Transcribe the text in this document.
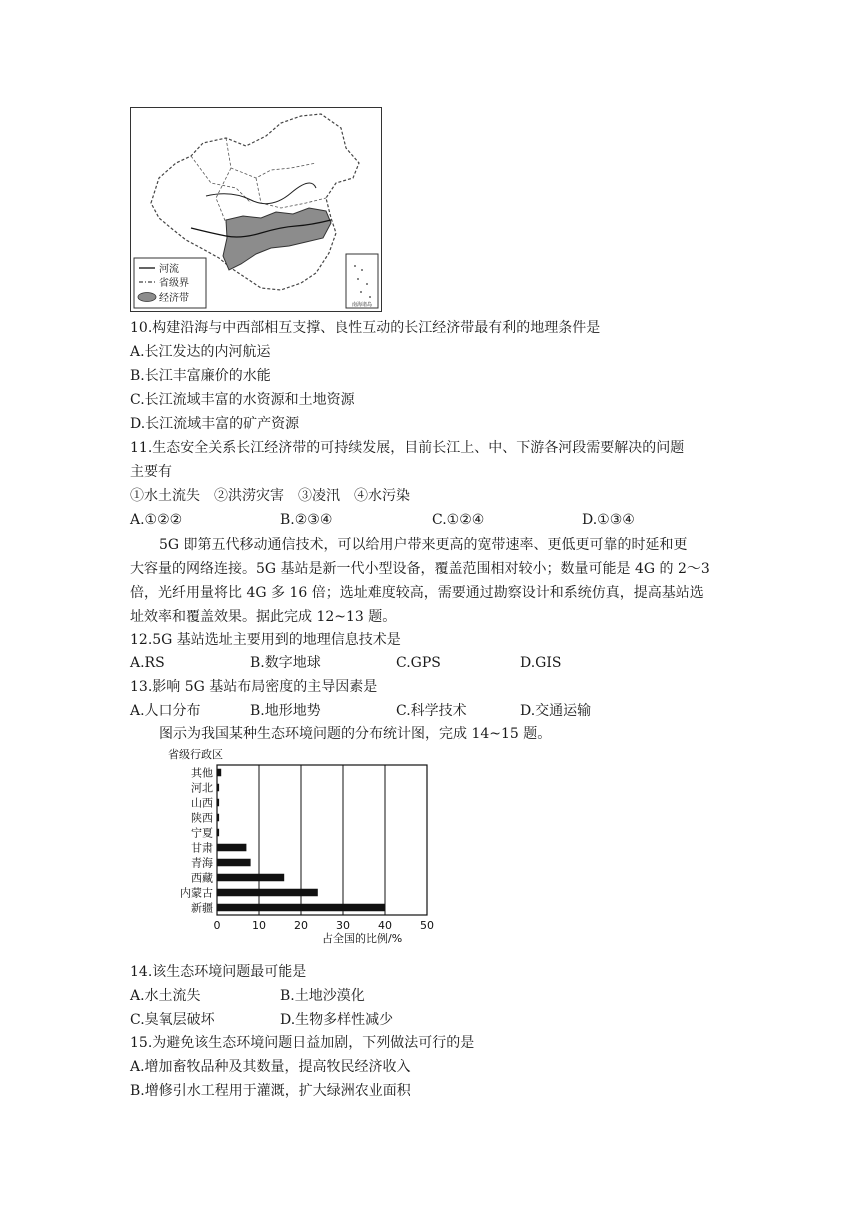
南海诸岛
河流
省级界
经济带
10.构建沿海与中西部相互支撑、良性互动的长江经济带最有利的地理条件是
A.长江发达的内河航运
B.长江丰富廉价的水能
C.长江流域丰富的水资源和土地资源
D.长江流域丰富的矿产资源
11.生态安全关系长江经济带的可持续发展，目前长江上、中、下游各河段需要解决的问题
主要有
①水土流失　②洪涝灾害　③凌汛　④水污染
A.①②②	B.②③④	C.①②④	D.①③④
5G 即第五代移动通信技术，可以给用户带来更高的宽带速率、更低更可靠的时延和更
大容量的网络连接。5G 基站是新一代小型设备，覆盖范围相对较小；数量可能是 4G 的 2～3
倍，光纤用量将比 4G 多 16 倍；选址难度较高，需要通过勘察设计和系统仿真，提高基站选
址效率和覆盖效果。据此完成 12~13 题。
12.5G 基站选址主要用到的地理信息技术是
A.RS	B.数字地球	C.GPS	D.GIS
13.影响 5G 基站布局密度的主导因素是
A.人口分布	B.地形地势	C.科学技术	D.交通运输
图示为我国某种生态环境问题的分布统计图，完成 14~15 题。
省级行政区
0	10	20	30	40	50
其他
河北
山西
陕西
宁夏
甘肃
青海
西藏
内蒙古
新疆
占全国的比例/%
14.该生态环境问题最可能是
A.水土流失	B.土地沙漠化
C.臭氧层破坏	D.生物多样性减少
15.为避免该生态环境问题日益加剧，下列做法可行的是
A.增加畜牧品种及其数量，提高牧民经济收入
B.增修引水工程用于灌溉，扩大绿洲农业面积
